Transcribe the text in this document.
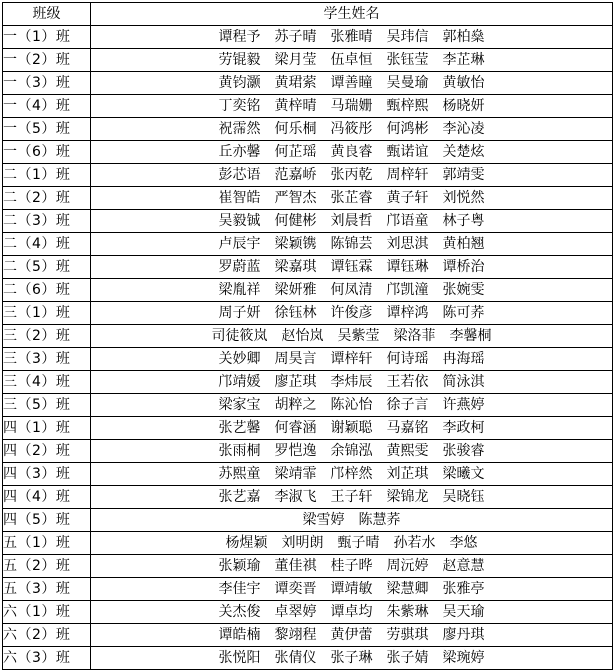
班级	学生姓名
一（1）班	谭程予　苏子晴　张雅晴　吴玮信　郭柏燊
一（2）班	劳锟毅　梁月莹　伍卓恒　张钰莹　李芷琳
一（3）班	黄钧灏　黄珺萦　谭善瞳　吴曼瑜　黄敏怡
一（4）班	丁奕铭　黄梓晴　马瑞姗　甄梓熙　杨晓妍
一（5）班	祝霈然　何乐桐　冯筱彤　何鸿彬　李沁凌
一（6）班	丘亦馨　何芷瑶　黄良睿　甄诺谊　关楚炫
二（1）班	彭芯语　范嘉峤　张丙乾　周梓轩　郭靖雯
二（2）班	崔智皓　严智杰　张芷睿　黄子轩　刘悦然
二（3）班	吴毅铖　何健彬　刘晨哲　邝语童　林子粤
二（4）班	卢辰宇　梁颖镌　陈锦芸　刘思淇　黄柏翘
二（5）班	罗蔚蓝　梁嘉琪　谭钰霖　谭钰琳　谭桥治
二（6）班	梁胤祥　梁妍雅　何凤清　邝凯潼　张婉雯
三（1）班	周子妍　徐钰林　许俊彦　谭梓鸿　陈可荞
三（2）班	司徒筱岚　赵怡岚　吴紫莹　梁洛菲　李馨桐
三（3）班	关妙卿　周昊言　谭梓轩　何诗瑶　冉海瑶
三（4）班	邝靖媛　廖芷琪　李炜辰　王若依　简泳淇
三（5）班	梁家宝　胡粹之　陈沁怡　徐子言　许燕婷
四（1）班	张艺馨　何睿涵　谢颖聪　马嘉铭　李政柯
四（2）班	张雨桐　罗恺逸　余锦泓　黄熙雯　张骏睿
四（3）班	苏熙童　梁靖霏　邝梓然　刘芷琪　梁曦文
四（4）班	张艺嘉　李淑飞　王子轩　梁锦龙　吴晓钰
四（5）班	梁雪婷　陈慧荞
五（1）班	杨煋颖　刘明朗　甄子晴　孙若水　李悠
五（2）班	张颖瑜　董佳祺　桂子晔　周沅婷　赵意慧
五（3）班	李佳宇　谭奕晋　谭靖敏　梁慧卿　张雅亭
六（1）班	关杰俊　卓翠婷　谭卓均　朱紫琳　吴天瑜
六（2）班	谭皓楠　黎翊程　黄伊蕾　劳骐琪　廖丹琪
六（3）班	张悦阳　张倩仪　张子琳　张子婧　梁琬婷
